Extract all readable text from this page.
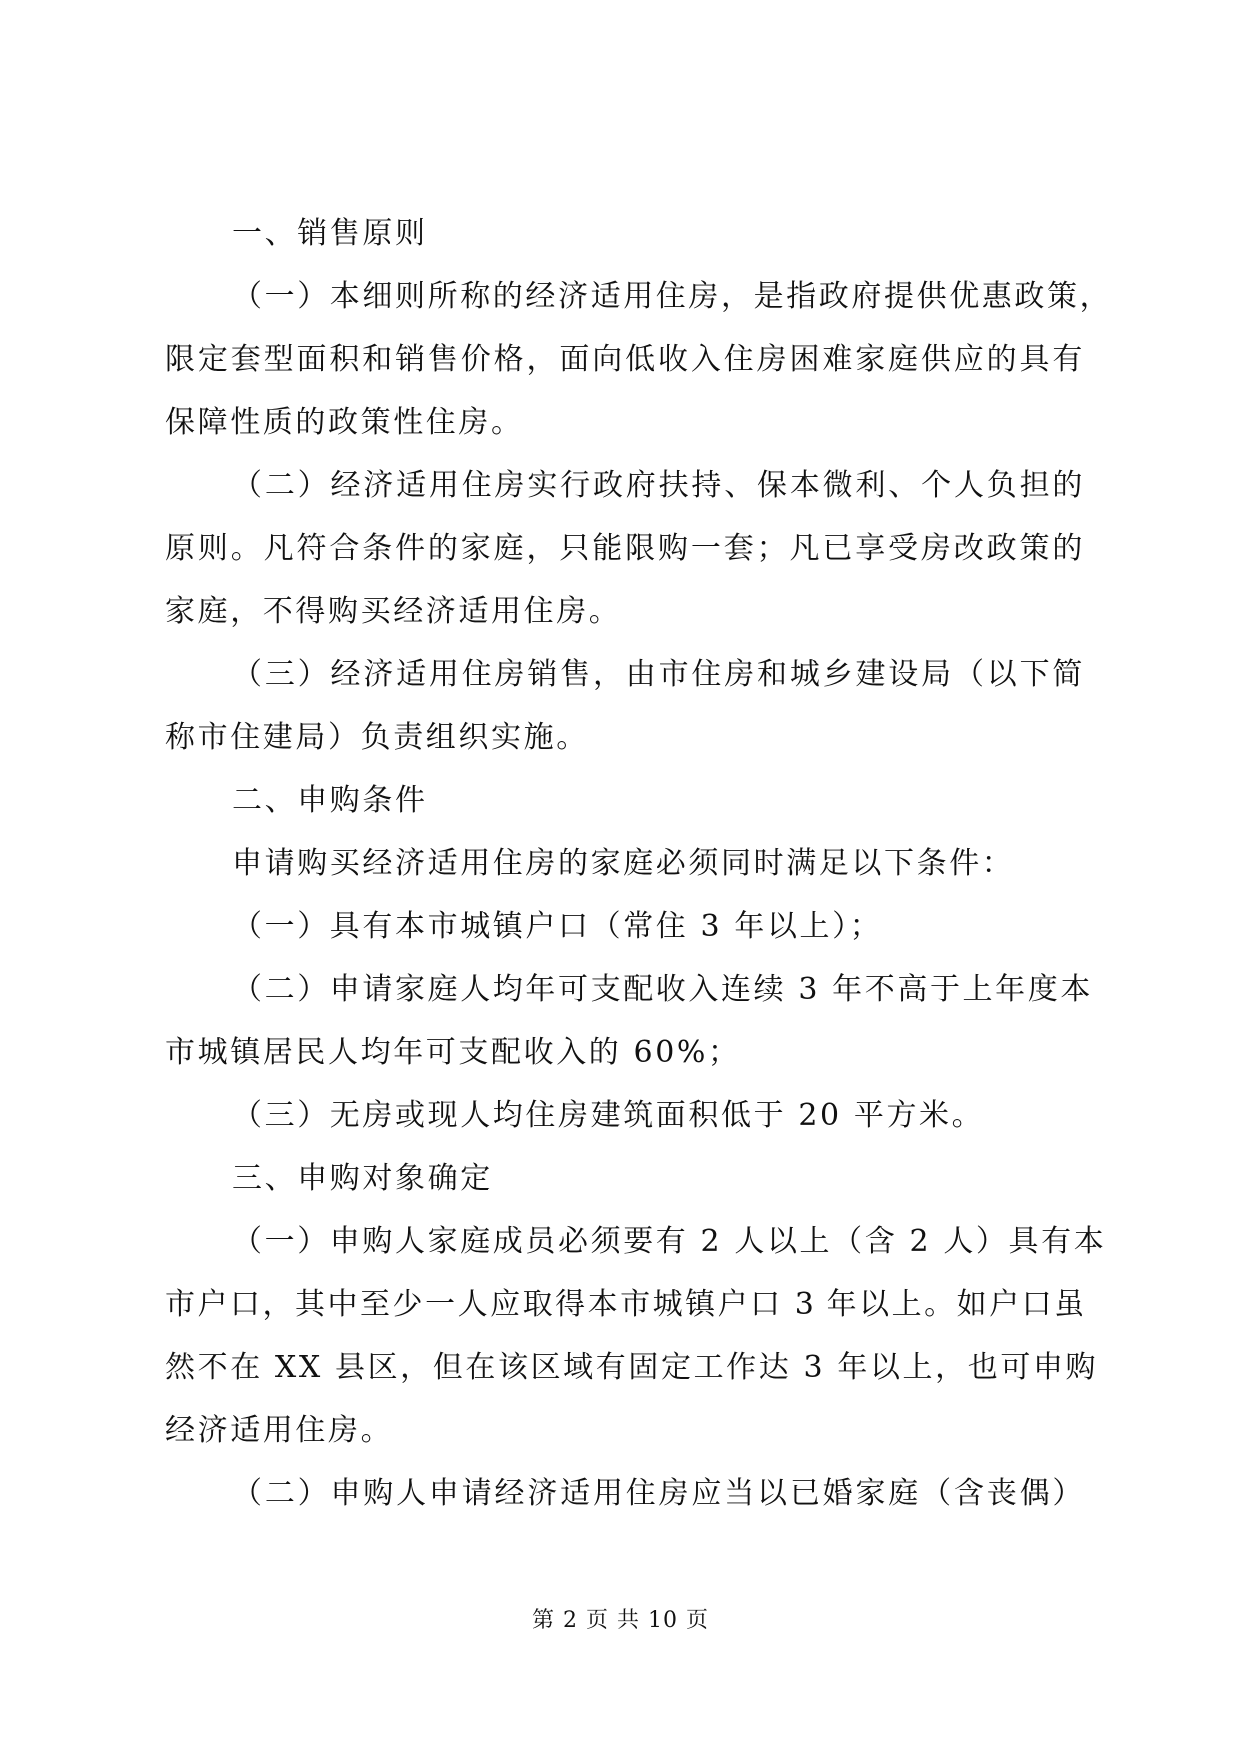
一、销售原则
（一）本细则所称的经济适用住房，是指政府提供优惠政策，
限定套型面积和销售价格，面向低收入住房困难家庭供应的具有
保障性质的政策性住房。
（二）经济适用住房实行政府扶持、保本微利、个人负担的
原则。凡符合条件的家庭，只能限购一套；凡已享受房改政策的
家庭，不得购买经济适用住房。
（三）经济适用住房销售，由市住房和城乡建设局（以下简
称市住建局）负责组织实施。
二、申购条件
申请购买经济适用住房的家庭必须同时满足以下条件：
（一）具有本市城镇户口（常住 3 年以上）；
（二）申请家庭人均年可支配收入连续 3 年不高于上年度本
市城镇居民人均年可支配收入的 60%；
（三）无房或现人均住房建筑面积低于 20 平方米。
三、申购对象确定
（一）申购人家庭成员必须要有 2 人以上（含 2 人）具有本
市户口，其中至少一人应取得本市城镇户口 3 年以上。如户口虽
然不在 XX 县区，但在该区域有固定工作达 3 年以上，也可申购
经济适用住房。
（二）申购人申请经济适用住房应当以已婚家庭（含丧偶）
第 2 页 共 10 页
